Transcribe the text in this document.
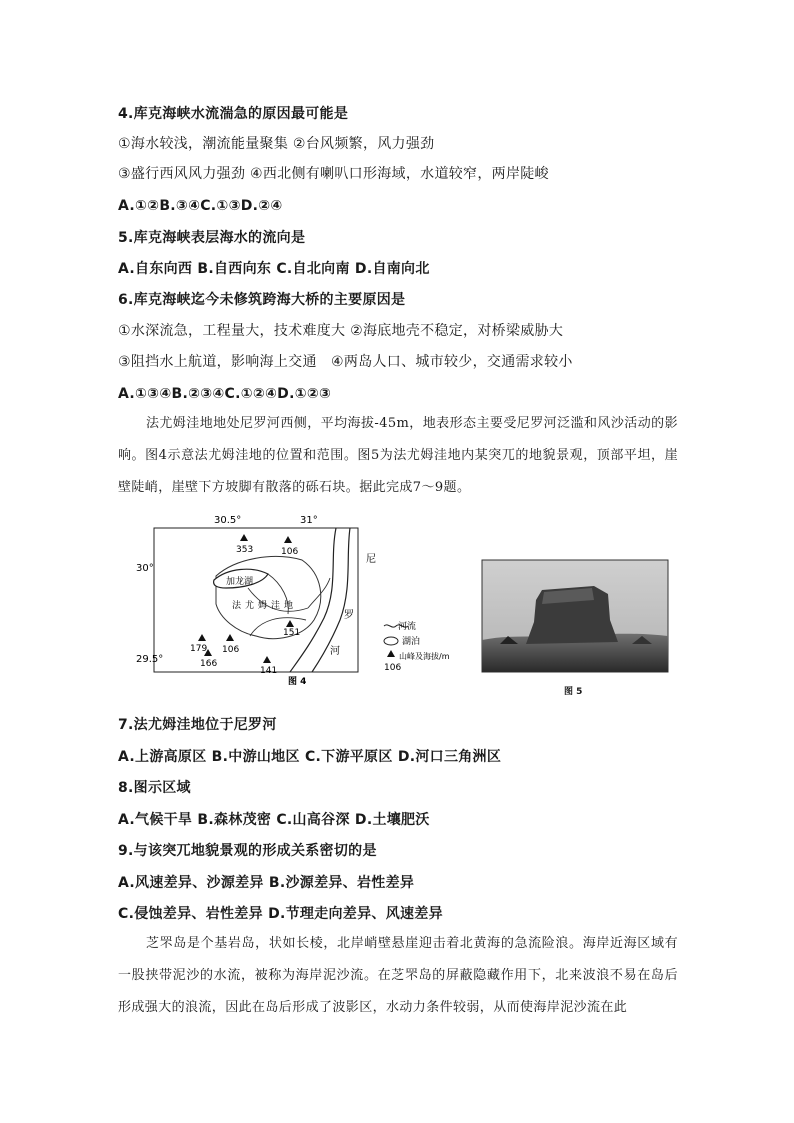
4.库克海峡水流湍急的原因最可能是
①海水较浅，潮流能量聚集 ②台风频繁，风力强劲
③盛行西风风力强劲 ④西北侧有喇叭口形海域，水道较窄，两岸陡峻
A.①②B.③④C.①③D.②④
5.库克海峡表层海水的流向是
A.自东向西 B.自西向东 C.自北向南 D.自南向北
6.库克海峡迄今未修筑跨海大桥的主要原因是
①水深流急，工程量大，技术难度大 ②海底地壳不稳定，对桥梁威胁大
③阻挡水上航道，影响海上交通　④两岛人口、城市较少，交通需求较小
A.①③④B.②③④C.①②④D.①②③
法尤姆洼地地处尼罗河西侧，平均海拔-45m，地表形态主要受尼罗河泛滥和风沙活动的影响。图4示意法尤姆洼地的位置和范围。图5为法尤姆洼地内某突兀的地貌景观，顶部平坦，崖壁陡峭，崖壁下方坡脚有散落的砾石块。据此完成7～9题。
30.5°	31°
30°
29.5°
加龙湖
法尤姆洼地
尼
罗
河
353	106
151
179
166
106
141
河流
湖泊
山峰及海拔/m
106
图 4
图 5
7.法尤姆洼地位于尼罗河
A.上游高原区 B.中游山地区 C.下游平原区 D.河口三角洲区
8.图示区域
A.气候干旱 B.森林茂密 C.山高谷深 D.土壤肥沃
9.与该突兀地貌景观的形成关系密切的是
A.风速差异、沙源差异 B.沙源差异、岩性差异
C.侵蚀差异、岩性差异 D.节理走向差异、风速差异
芝罘岛是个基岩岛，状如长棱，北岸峭壁悬崖迎击着北黄海的急流险浪。海岸近海区域有一股挟带泥沙的水流，被称为海岸泥沙流。在芝罘岛的屏蔽隐藏作用下，北来波浪不易在岛后形成强大的浪流，因此在岛后形成了波影区，水动力条件较弱，从而使海岸泥沙流在此
